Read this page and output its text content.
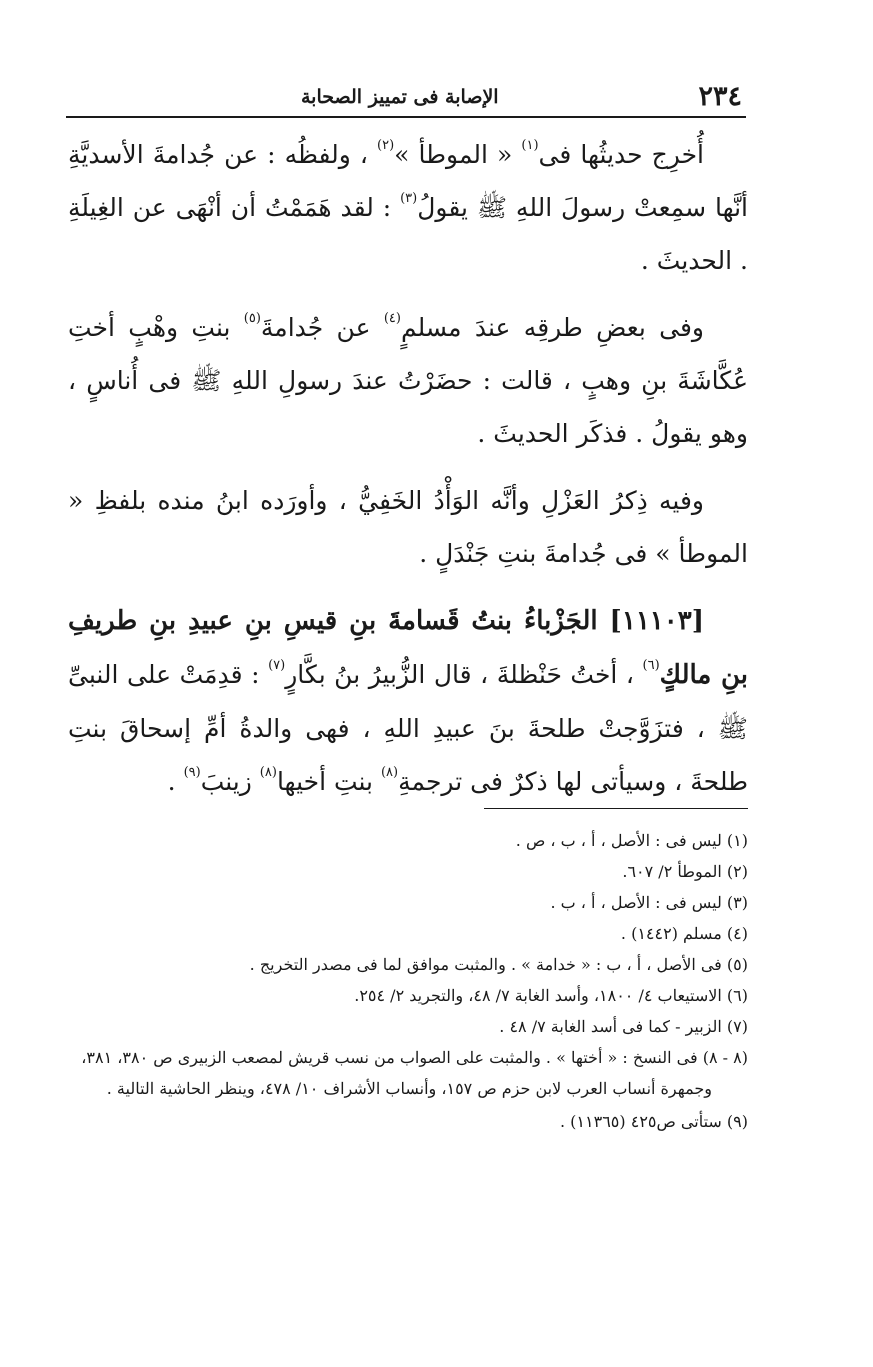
٢٣٤
الإصابة فى تمييز الصحابة

أُخرِج حديثُها فى$^{(١)}$ « الموطأ »$^{(٢)}$ ، ولفظُه : عن جُدامةَ الأسديَّةِ أنَّها سمِعتْ رسولَ اللهِ ﷺ يقولُ$^{(٣)}$ : لقد هَمَمْتُ أن أنْهَى عن الغِيلَةِ . الحديثَ .

وفى بعضِ طرقِه عندَ مسلمٍ$^{(٤)}$ عن جُدامةَ$^{(٥)}$ بنتِ وهْبٍ أختِ عُكَّاشَةَ بنِ وهبٍ ، قالت : حضَرْتُ عندَ رسولِ اللهِ ﷺ فى أُناسٍ ، وهو يقولُ . فذكَر الحديثَ .

وفيه ذِكرُ العَزْلِ وأنَّه الوَأْدُ الخَفِيُّ ، وأورَده ابنُ منده بلفظِ « الموطأ » فى جُدامةَ بنتِ جَنْدَلٍ .

[١١١٠٣] الجَزْباءُ بنتُ قَسامةَ بنِ قيسِ بنِ عبيدِ بنِ طريفِ بنِ مالكٍ$^{(٦)}$ ، أختُ حَنْظلةَ ، قال الزُّبيرُ بنُ بكَّارٍ$^{(٧)}$ : قدِمَتْ على النبىِّ ﷺ ، فتزَوَّجتْ طلحةَ بنَ عبيدِ اللهِ ، فهى والدةُ أمِّ إسحاقَ بنتِ طلحةَ ، وسيأتى لها ذكرٌ فى ترجمةِ$^{(٨)}$ بنتِ أخيها$^{(٨)}$ زينبَ$^{(٩)}$ .

(١) ليس فى : الأصل ، أ ، ب ، ص .
(٢) الموطأ ٢/ ٦٠٧.
(٣) ليس فى : الأصل ، أ ، ب .
(٤) مسلم (١٤٤٢) .
(٥) فى الأصل ، أ ، ب : « خدامة » . والمثبت موافق لما فى مصدر التخريج .
(٦) الاستيعاب ٤/ ١٨٠٠، وأسد الغابة ٧/ ٤٨، والتجريد ٢/ ٢٥٤.
(٧) الزبير - كما فى أسد الغابة ٧/ ٤٨ .
(٨ - ٨) فى النسخ : « أختها » . والمثبت على الصواب من نسب قريش لمصعب الزبيرى ص ٣٨٠، ٣٨١، وجمهرة أنساب العرب لابن حزم ص ١٥٧، وأنساب الأشراف ١٠/ ٤٧٨، وينظر الحاشية التالية .
(٩) ستأتى ص٤٢٥ (١١٣٦٥) .
